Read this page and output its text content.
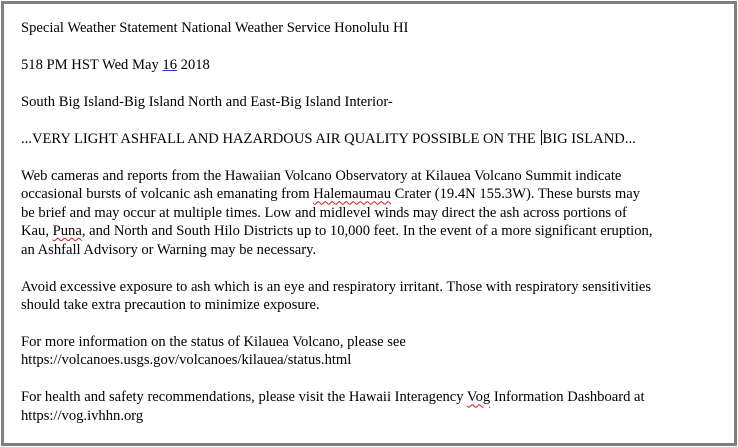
Special Weather Statement National Weather Service Honolulu HI

518 PM HST Wed May 16 2018

South Big Island-Big Island North and East-Big Island Interior-

...VERY LIGHT ASHFALL AND HAZARDOUS AIR QUALITY POSSIBLE ON THE BIG ISLAND...

Web cameras and reports from the Hawaiian Volcano Observatory at Kilauea Volcano Summit indicate

occasional bursts of volcanic ash emanating from Halemaumau Crater (19.4N 155.3W). These bursts may

be brief and may occur at multiple times. Low and midlevel winds may direct the ash across portions of

Kau, Puna, and North and South Hilo Districts up to 10,000 feet. In the event of a more significant eruption,

an Ashfall Advisory or Warning may be necessary.

Avoid excessive exposure to ash which is an eye and respiratory irritant. Those with respiratory sensitivities

should take extra precaution to minimize exposure.

For more information on the status of Kilauea Volcano, please see

https://volcanoes.usgs.gov/volcanoes/kilauea/status.html

For health and safety recommendations, please visit the Hawaii Interagency Vog Information Dashboard at

https://vog.ivhhn.org
